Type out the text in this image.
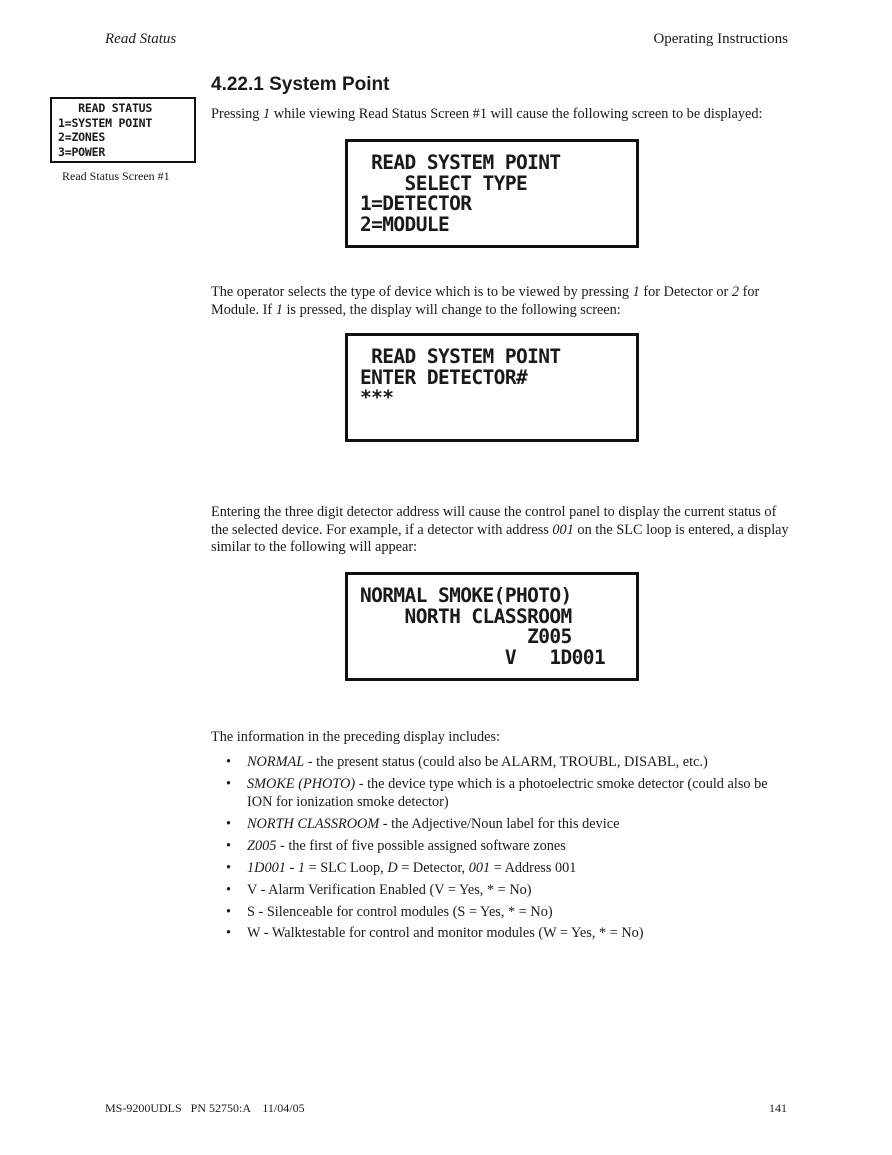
Read Status	Operating Instructions
4.22.1 System Point
READ STATUS
1=SYSTEM POINT
2=ZONES
3=POWER
Read Status Screen #1
Pressing 1 while viewing Read Status Screen #1 will cause the following screen to be displayed:
READ SYSTEM POINT
SELECT TYPE
1=DETECTOR
2=MODULE
The operator selects the type of device which is to be viewed by pressing 1 for Detector or 2 for Module. If 1 is pressed, the display will change to the following screen:
READ SYSTEM POINT
ENTER DETECTOR#
***
Entering the three digit detector address will cause the control panel to display the current status of the selected device. For example, if a detector with address 001 on the SLC loop is entered, a display similar to the following will appear:
NORMAL SMOKE(PHOTO)
NORTH CLASSROOM
Z005
V   1D001
The information in the preceding display includes:
• NORMAL - the present status (could also be ALARM, TROUBL, DISABL, etc.)
• SMOKE (PHOTO) - the device type which is a photoelectric smoke detector (could also be ION for ionization smoke detector)
• NORTH CLASSROOM - the Adjective/Noun label for this device
• Z005 - the first of five possible assigned software zones
• 1D001 - 1 = SLC Loop, D = Detector, 001 = Address 001
• V - Alarm Verification Enabled (V = Yes, * = No)
• S - Silenceable for control modules (S = Yes, * = No)
• W - Walktestable for control and monitor modules (W = Yes, * = No)
MS-9200UDLS   PN 52750:A    11/04/05	141
